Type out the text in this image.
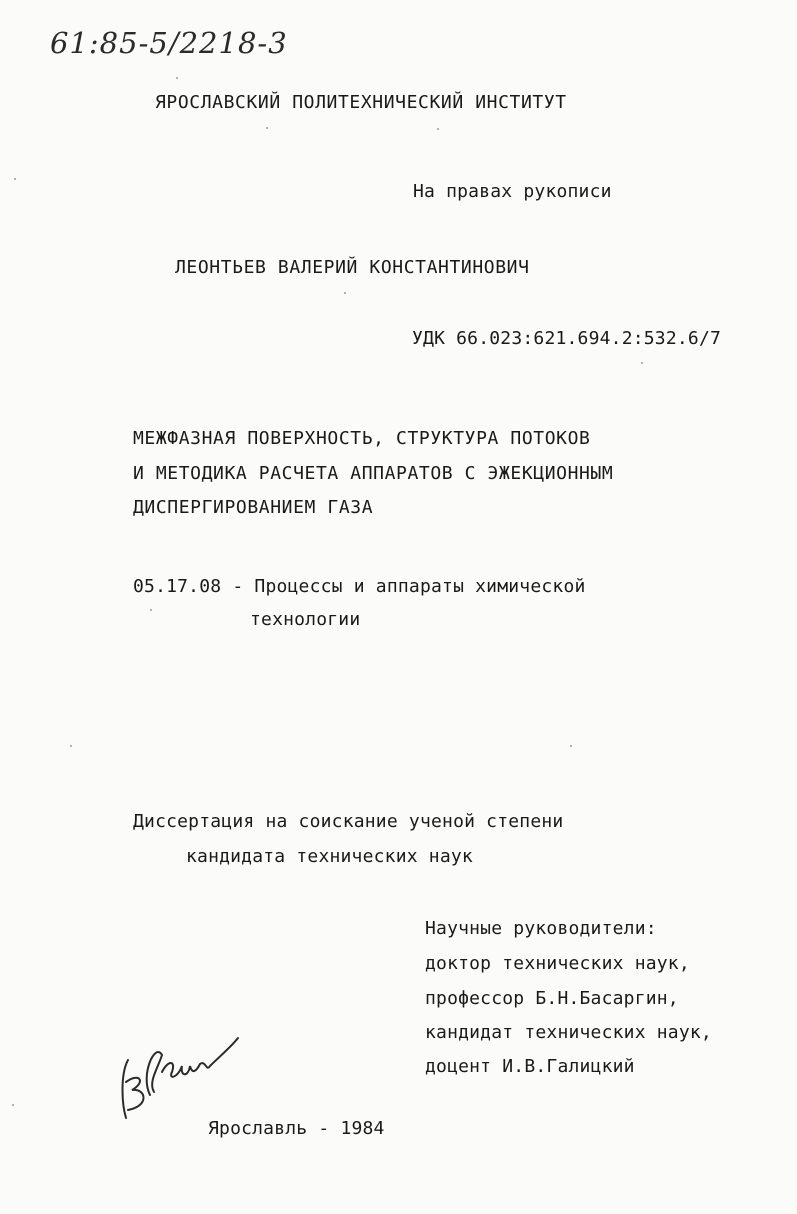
61:85-5/2218-3
ЯРОСЛАВСКИЙ ПОЛИТЕХНИЧЕСКИЙ ИНСТИТУТ
На правах рукописи
ЛЕОНТЬЕВ ВАЛЕРИЙ КОНСТАНТИНОВИЧ
УДК 66.023:621.694.2:532.6/7
МЕЖФАЗНАЯ ПОВЕРХНОСТЬ, СТРУКТУРА ПОТОКОВ
И МЕТОДИКА РАСЧЕТА АППАРАТОВ С ЭЖЕКЦИОННЫМ
ДИСПЕРГИРОВАНИЕМ ГАЗА
05.17.08 - Процессы и аппараты химической
технологии
Диссертация на соискание ученой степени
кандидата технических наук
Научные руководители:
доктор технических наук,
профессор Б.Н.Басаргин,
кандидат технических наук,
доцент И.В.Галицкий
Ярославль - 1984
